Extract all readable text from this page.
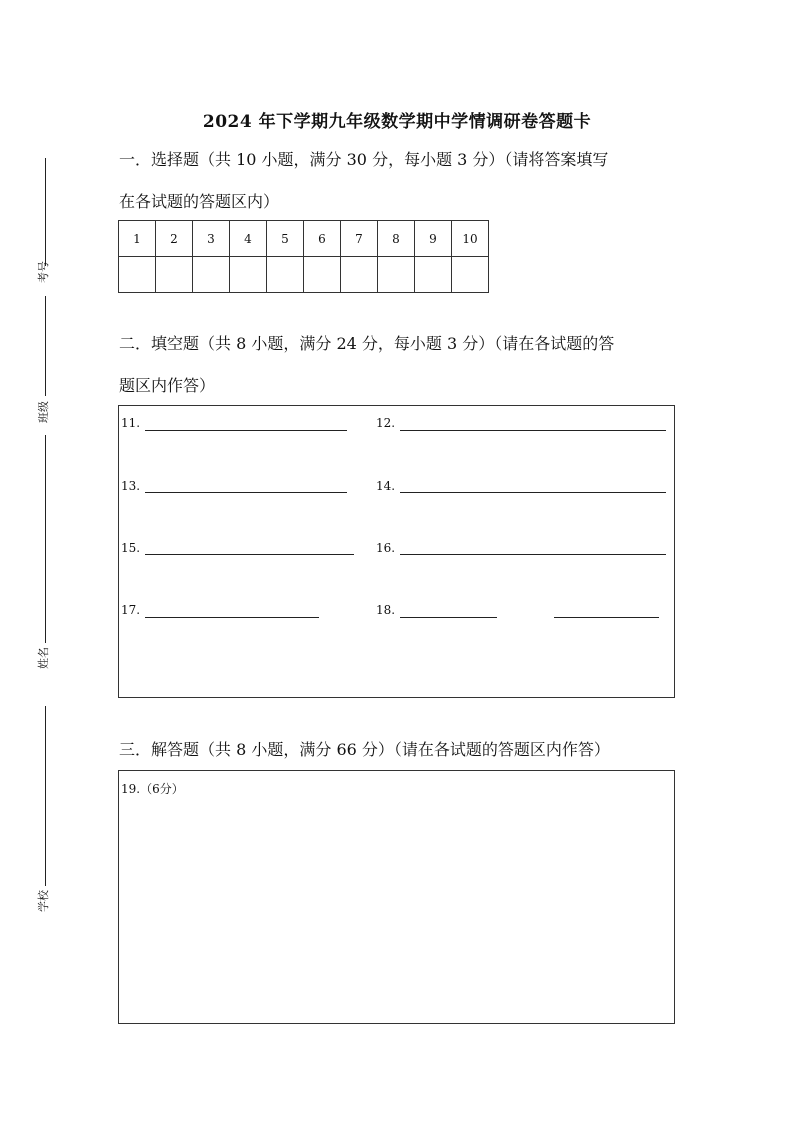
考号
班级
姓名
学校
2024 年下学期九年级数学期中学情调研卷答题卡
一．选择题（共 10 小题，满分 30 分，每小题 3 分）（请将答案填写
在各试题的答题区内）
1	2	3	4	5	6	7	8	9	10

二．填空题（共 8 小题，满分 24 分，每小题 3 分）（请在各试题的答
题区内作答）
11.	12.
13.	14.
15.	16.
17.	18.
三．解答题（共 8 小题，满分 66 分）（请在各试题的答题区内作答）
19.（6分）
